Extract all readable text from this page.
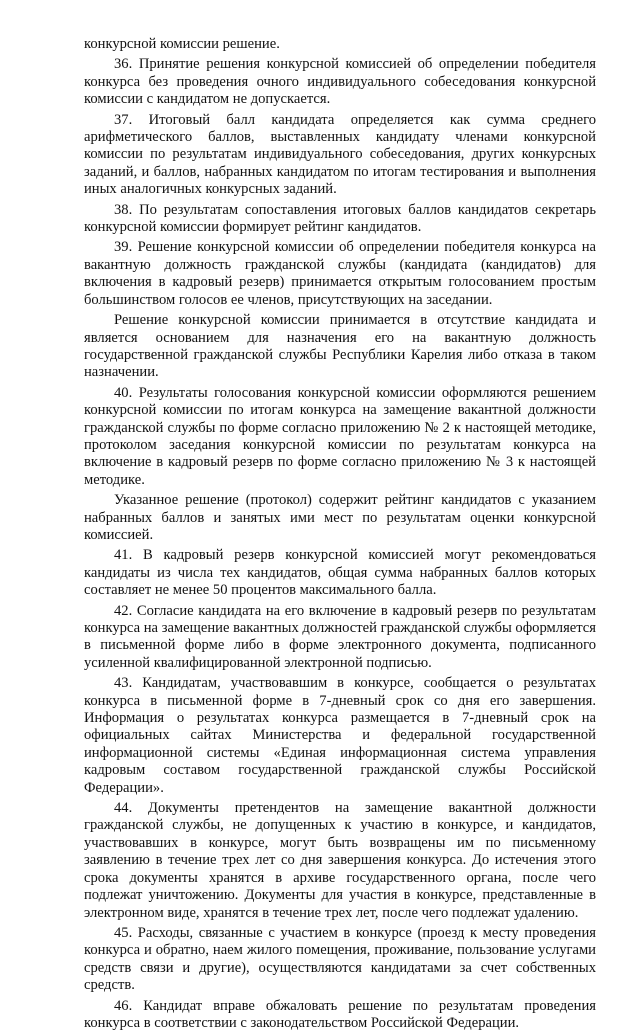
конкурсной комиссии решение.

36. Принятие решения конкурсной комиссией об определении победителя конкурса без проведения очного индивидуального собеседования конкурсной комиссии с кандидатом не допускается.

37. Итоговый балл кандидата определяется как сумма среднего арифметического баллов, выставленных кандидату членами конкурсной комиссии по результатам индивидуального собеседования, других конкурсных заданий, и баллов, набранных кандидатом по итогам тестирования и выполнения иных аналогичных конкурсных заданий.

38. По результатам сопоставления итоговых баллов кандидатов секретарь конкурсной комиссии формирует рейтинг кандидатов.

39. Решение конкурсной комиссии об определении победителя конкурса на вакантную должность гражданской службы (кандидата (кандидатов) для включения в кадровый резерв) принимается открытым голосованием простым большинством голосов ее членов, присутствующих на заседании.

Решение конкурсной комиссии принимается в отсутствие кандидата и является основанием для назначения его на вакантную должность государственной гражданской службы Республики Карелия либо отказа в таком назначении.

40. Результаты голосования конкурсной комиссии оформляются решением конкурсной комиссии по итогам конкурса на замещение вакантной должности гражданской службы по форме согласно приложению № 2 к настоящей методике, протоколом заседания конкурсной комиссии по результатам конкурса на включение в кадровый резерв по форме согласно приложению № 3 к настоящей методике.

Указанное решение (протокол) содержит рейтинг кандидатов с указанием набранных баллов и занятых ими мест по результатам оценки конкурсной комиссией.

41. В кадровый резерв конкурсной комиссией могут рекомендоваться кандидаты из числа тех кандидатов, общая сумма набранных баллов которых составляет не менее 50 процентов максимального балла.

42. Согласие кандидата на его включение в кадровый резерв по результатам конкурса на замещение вакантных должностей гражданской службы оформляется в письменной форме либо в форме электронного документа, подписанного усиленной квалифицированной электронной подписью.

43. Кандидатам, участвовавшим в конкурсе, сообщается о результатах конкурса в письменной форме в 7-дневный срок со дня его завершения. Информация о результатах конкурса размещается в 7-дневный срок на официальных сайтах Министерства и федеральной государственной информационной системы «Единая информационная система управления кадровым составом государственной гражданской службы Российской Федерации».

44. Документы претендентов на замещение вакантной должности гражданской службы, не допущенных к участию в конкурсе, и кандидатов, участвовавших в конкурсе, могут быть возвращены им по письменному заявлению в течение трех лет со дня завершения конкурса. До истечения этого срока документы хранятся в архиве государственного органа, после чего подлежат уничтожению. Документы для участия в конкурсе, представленные в электронном виде, хранятся в течение трех лет, после чего подлежат удалению.

45. Расходы, связанные с участием в конкурсе (проезд к месту проведения конкурса и обратно, наем жилого помещения, проживание, пользование услугами средств связи и другие), осуществляются кандидатами за счет собственных средств.

46. Кандидат вправе обжаловать решение по результатам проведения конкурса в соответствии с законодательством Российской Федерации.
